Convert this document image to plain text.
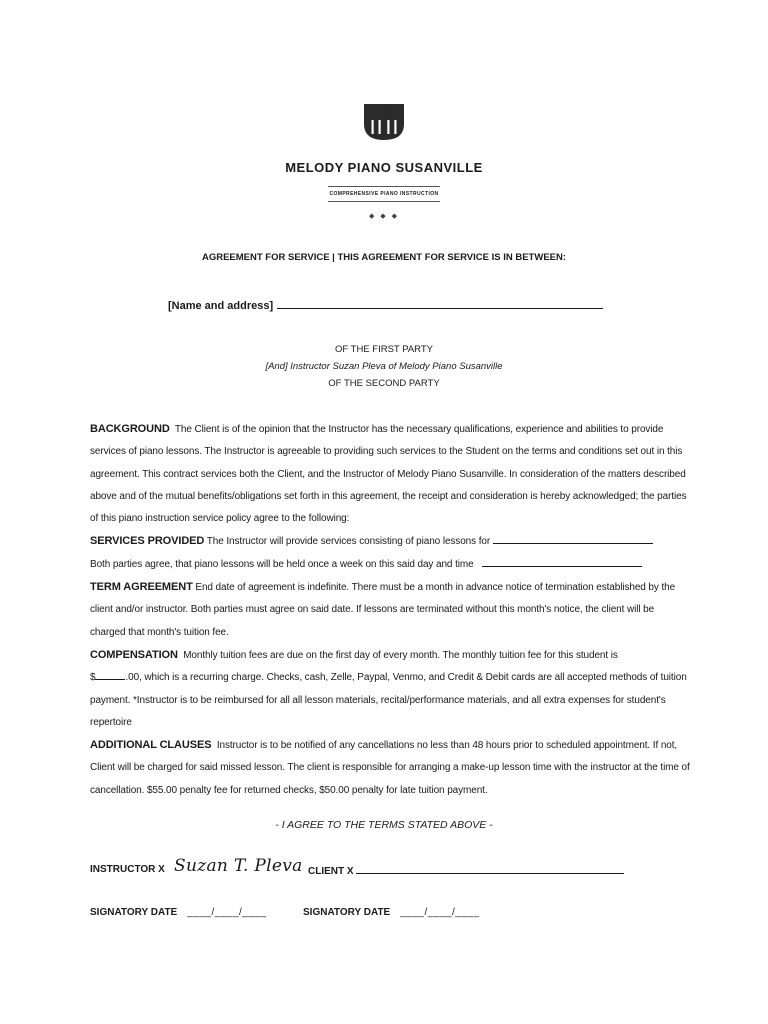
MELODY PIANO SUSANVILLE
COMPREHENSIVE PIANO INSTRUCTION
◆ ◆ ◆
AGREEMENT FOR SERVICE | THIS AGREEMENT FOR SERVICE IS IN BETWEEN:
[Name and address]
OF THE FIRST PARTY
[And] Instructor Suzan Pleva of Melody Piano Susanville
OF THE SECOND PARTY

BACKGROUND The Client is of the opinion that the Instructor has the necessary qualifications, experience and abilities to provide services of piano lessons. The Instructor is agreeable to providing such services to the Student on the terms and conditions set out in this agreement. This contract services both the Client, and the Instructor of Melody Piano Susanville. In consideration of the matters described above and of the mutual benefits/obligations set forth in this agreement, the receipt and consideration is hereby acknowledged; the parties of this piano instruction service policy agree to the following:

SERVICES PROVIDED The Instructor will provide services consisting of piano lessons for
Both parties agree, that piano lessons will be held once a week on this said day and time

TERM AGREEMENT End date of agreement is indefinite. There must be a month in advance notice of termination established by the client and/or instructor. Both parties must agree on said date. If lessons are terminated without this month's notice, the client will be charged that month's tuition fee.

COMPENSATION Monthly tuition fees are due on the first day of every month. The monthly tuition fee for this student is
$	.00, which is a recurring charge. Checks, cash, Zelle, Paypal, Venmo, and Credit & Debit cards are all accepted methods of tuition payment. *Instructor is to be reimbursed for all all lesson materials, recital/performance materials, and all extra expenses for student's repertoire

ADDITIONAL CLAUSES Instructor is to be notified of any cancellations no less than 48 hours prior to scheduled appointment. If not, Client will be charged for said missed lesson. The client is responsible for arranging a make-up lesson time with the instructor at the time of cancellation. $55.00 penalty fee for returned checks, $50.00 penalty for late tuition payment.

- I AGREE TO THE TERMS STATED ABOVE -
INSTRUCTOR X Suzan T. Pleva CLIENT X
SIGNATORY DATE ____/____/____	SIGNATORY DATE ____/____/____
